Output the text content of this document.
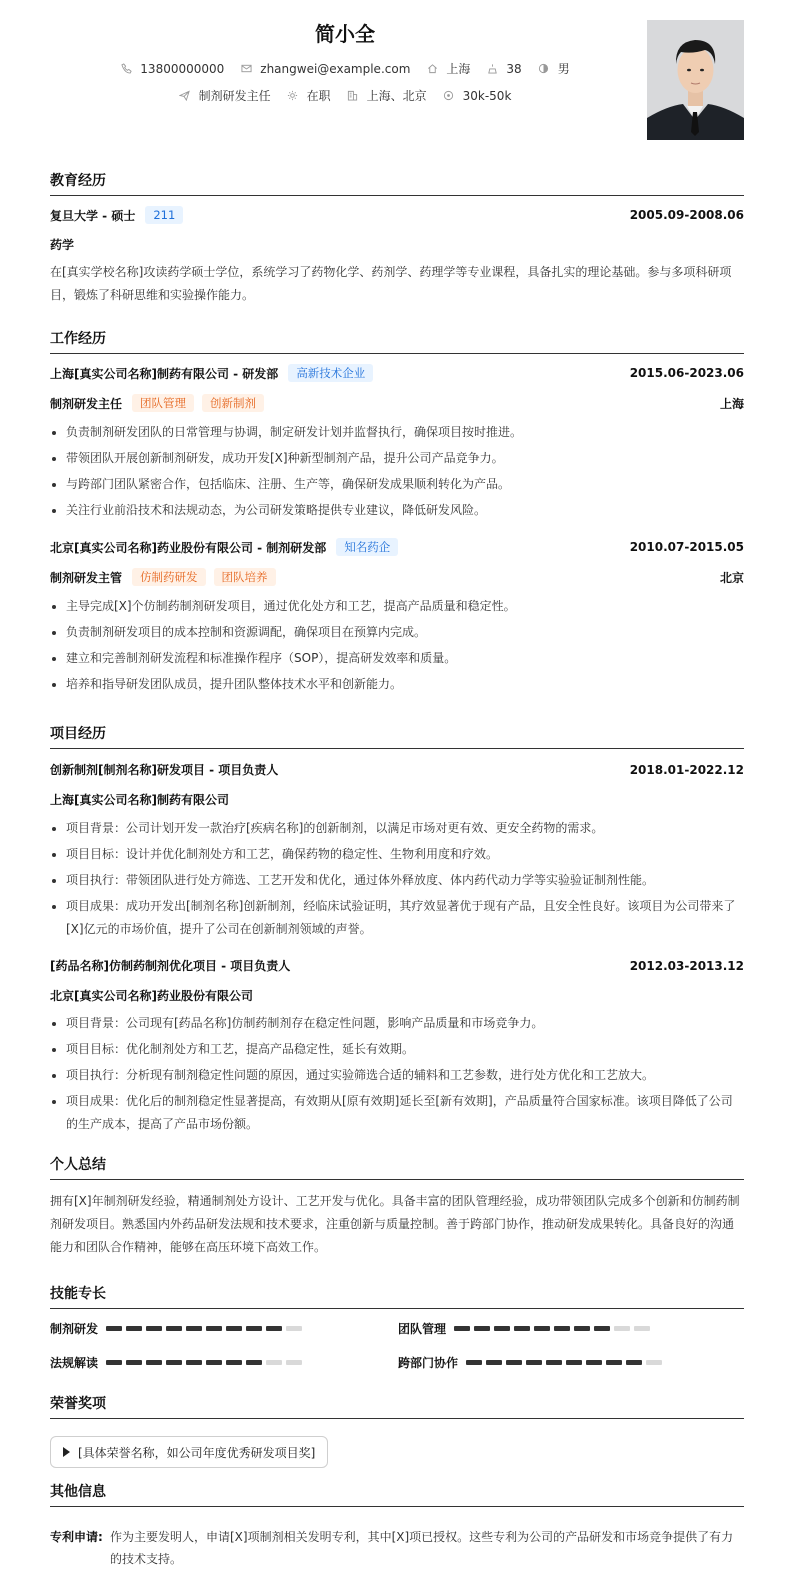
简小全
13800000000	zhangwei@example.com	上海	38	男
制剂研发主任	在职	上海、北京	30k-50k
教育经历
复旦大学 - 硕士	211	2005.09-2008.06
药学
在[真实学校名称]攻读药学硕士学位，系统学习了药物化学、药剂学、药理学等专业课程，具备扎实的理论基础。参与多项科研项目，锻炼了科研思维和实验操作能力。
工作经历
上海[真实公司名称]制药有限公司 - 研发部	高新技术企业	2015.06-2023.06
制剂研发主任	团队管理	创新制剂	上海
负责制剂研发团队的日常管理与协调，制定研发计划并监督执行，确保项目按时推进。
带领团队开展创新制剂研发，成功开发[X]种新型制剂产品，提升公司产品竞争力。
与跨部门团队紧密合作，包括临床、注册、生产等，确保研发成果顺利转化为产品。
关注行业前沿技术和法规动态，为公司研发策略提供专业建议，降低研发风险。
北京[真实公司名称]药业股份有限公司 - 制剂研发部	知名药企	2010.07-2015.05
制剂研发主管	仿制药研发	团队培养	北京
主导完成[X]个仿制药制剂研发项目，通过优化处方和工艺，提高产品质量和稳定性。
负责制剂研发项目的成本控制和资源调配，确保项目在预算内完成。
建立和完善制剂研发流程和标准操作程序（SOP），提高研发效率和质量。
培养和指导研发团队成员，提升团队整体技术水平和创新能力。
项目经历
创新制剂[制剂名称]研发项目 - 项目负责人	2018.01-2022.12
上海[真实公司名称]制药有限公司
项目背景：公司计划开发一款治疗[疾病名称]的创新制剂，以满足市场对更有效、更安全药物的需求。
项目目标：设计并优化制剂处方和工艺，确保药物的稳定性、生物利用度和疗效。
项目执行：带领团队进行处方筛选、工艺开发和优化，通过体外释放度、体内药代动力学等实验验证制剂性能。
项目成果：成功开发出[制剂名称]创新制剂，经临床试验证明，其疗效显著优于现有产品，且安全性良好。该项目为公司带来了[X]亿元的市场价值，提升了公司在创新制剂领域的声誉。
[药品名称]仿制药制剂优化项目 - 项目负责人	2012.03-2013.12
北京[真实公司名称]药业股份有限公司
项目背景：公司现有[药品名称]仿制药制剂存在稳定性问题，影响产品质量和市场竞争力。
项目目标：优化制剂处方和工艺，提高产品稳定性，延长有效期。
项目执行：分析现有制剂稳定性问题的原因，通过实验筛选合适的辅料和工艺参数，进行处方优化和工艺放大。
项目成果：优化后的制剂稳定性显著提高，有效期从[原有效期]延长至[新有效期]，产品质量符合国家标准。该项目降低了公司的生产成本，提高了产品市场份额。
个人总结
拥有[X]年制剂研发经验，精通制剂处方设计、工艺开发与优化。具备丰富的团队管理经验，成功带领团队完成多个创新和仿制药制剂研发项目。熟悉国内外药品研发法规和技术要求，注重创新与质量控制。善于跨部门协作，推动研发成果转化。具备良好的沟通能力和团队合作精神，能够在高压环境下高效工作。
技能专长
制剂研发	团队管理
法规解读	跨部门协作
荣誉奖项
[具体荣誉名称，如公司年度优秀研发项目奖]
其他信息
专利申请: 作为主要发明人，申请[X]项制剂相关发明专利，其中[X]项已授权。这些专利为公司的产品研发和市场竞争提供了有力的技术支持。
